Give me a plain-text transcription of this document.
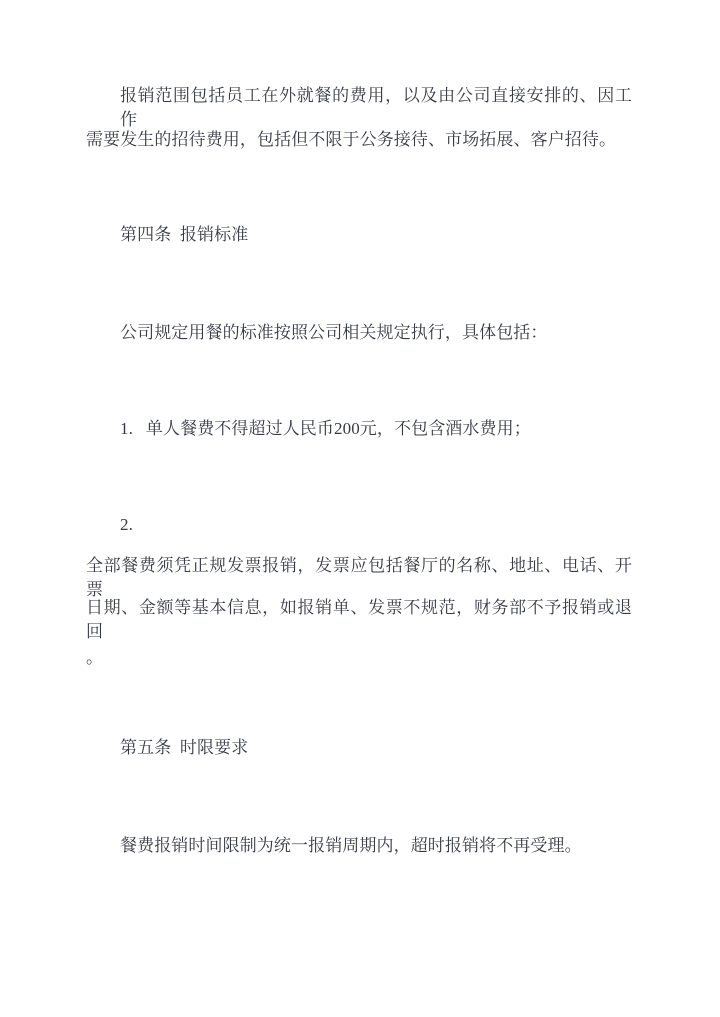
报销范围包括员工在外就餐的费用，以及由公司直接安排的、因工作
需要发生的招待费用，包括但不限于公务接待、市场拓展、客户招待。
第四条 报销标准
公司规定用餐的标准按照公司相关规定执行，具体包括：
1.  单人餐费不得超过人民币200元，不包含酒水费用；
2.
全部餐费须凭正规发票报销，发票应包括餐厅的名称、地址、电话、开票
日期、金额等基本信息，如报销单、发票不规范，财务部不予报销或退回
。
第五条 时限要求
餐费报销时间限制为统一报销周期内，超时报销将不再受理。
